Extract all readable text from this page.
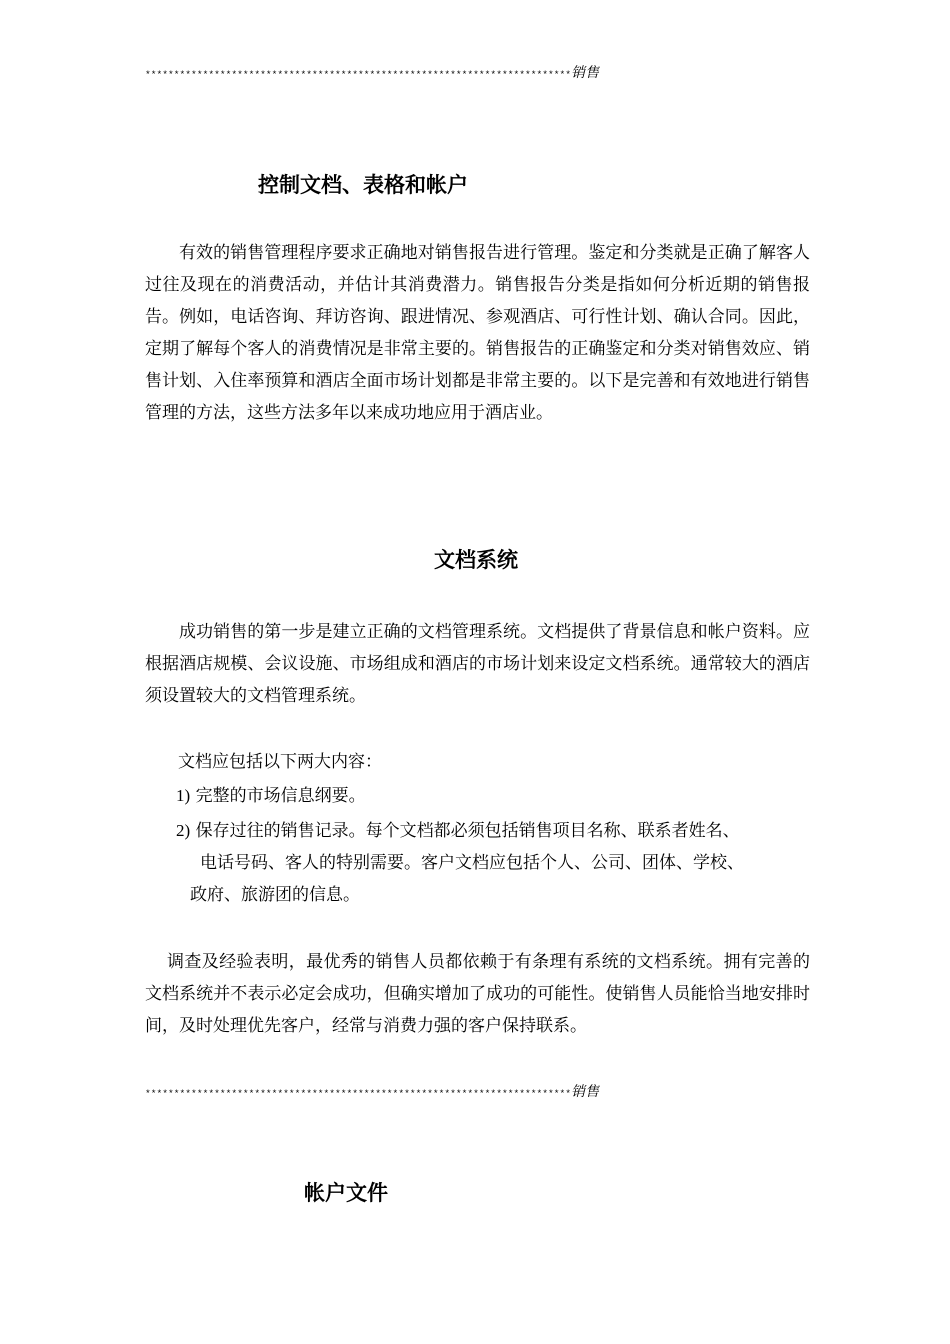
**************************************************************************销售
控制文档、表格和帐户

有效的销售管理程序要求正确地对销售报告进行管理。鉴定和分类就是正确了解客人过往及现在的消费活动，并估计其消费潜力。销售报告分类是指如何分析近期的销售报告。例如，电话咨询、拜访咨询、跟进情况、参观酒店、可行性计划、确认合同。因此，定期了解每个客人的消费情况是非常主要的。销售报告的正确鉴定和分类对销售效应、销售计划、入住率预算和酒店全面市场计划都是非常主要的。以下是完善和有效地进行销售管理的方法，这些方法多年以来成功地应用于酒店业。

文档系统

成功销售的第一步是建立正确的文档管理系统。文档提供了背景信息和帐户资料。应根据酒店规模、会议设施、市场组成和酒店的市场计划来设定文档系统。通常较大的酒店须设置较大的文档管理系统。

文档应包括以下两大内容：
1) 完整的市场信息纲要。
2) 保存过往的销售记录。每个文档都必须包括销售项目名称、联系者姓名、
电话号码、客人的特别需要。客户文档应包括个人、公司、团体、学校、
政府、旅游团的信息。

调查及经验表明，最优秀的销售人员都依赖于有条理有系统的文档系统。拥有完善的文档系统并不表示必定会成功，但确实增加了成功的可能性。使销售人员能恰当地安排时间，及时处理优先客户，经常与消费力强的客户保持联系。

**************************************************************************销售
帐户文件
